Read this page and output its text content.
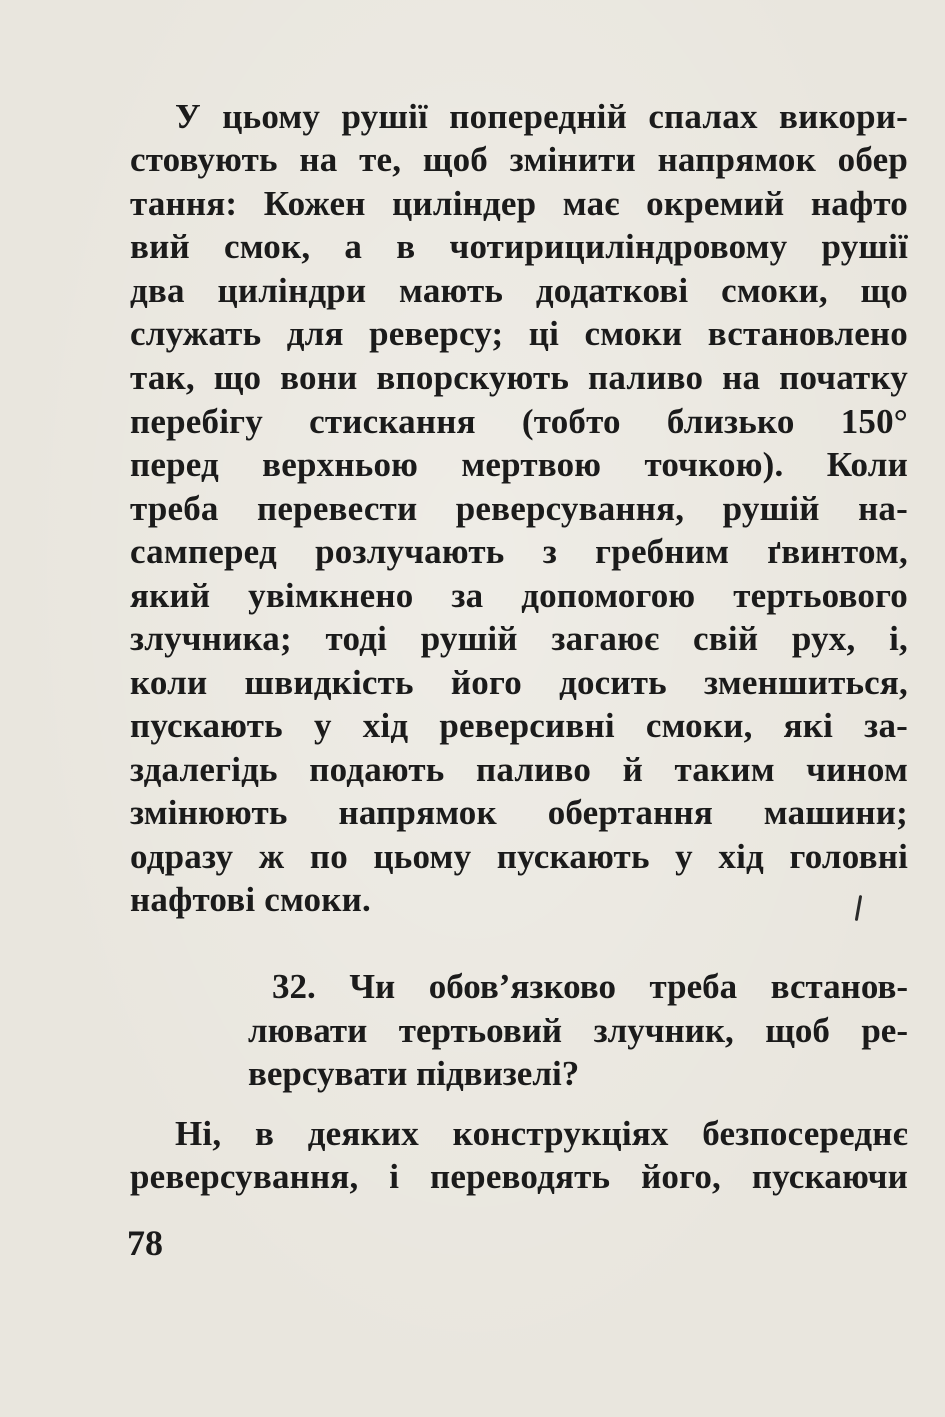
У цьому рушії попередній спалах викори-
стовують на те, щоб змінити напрямок обер
тання: Кожен циліндер має окремий нафто
вий смок, а в чотирициліндровому рушії
два циліндри мають додаткові смоки, що
служать для реверсу; ці смоки встановлено
так, що вони впорскують паливо на початку
перебігу стискання (тобто близько 150°
перед верхньою мертвою точкою). Коли
треба перевести реверсування, рушій на-
самперед розлучають з гребним ґвинтом,
який увімкнено за допомогою тертьового
злучника; тоді рушій загаює свій рух, і,
коли швидкість його досить зменшиться,
пускають у хід реверсивні смоки, які за-
здалегідь подають паливо й таким чином
змінюють напрямок обертання машини;
одразу ж по цьому пускають у хід головні
нафтові смоки.
32. Чи обов’язково треба встанов-
лювати тертьовий злучник, щоб ре-
версувати підвизелі?
Ні, в деяких конструкціях безпосереднє
реверсування, і переводять його, пускаючи
78
